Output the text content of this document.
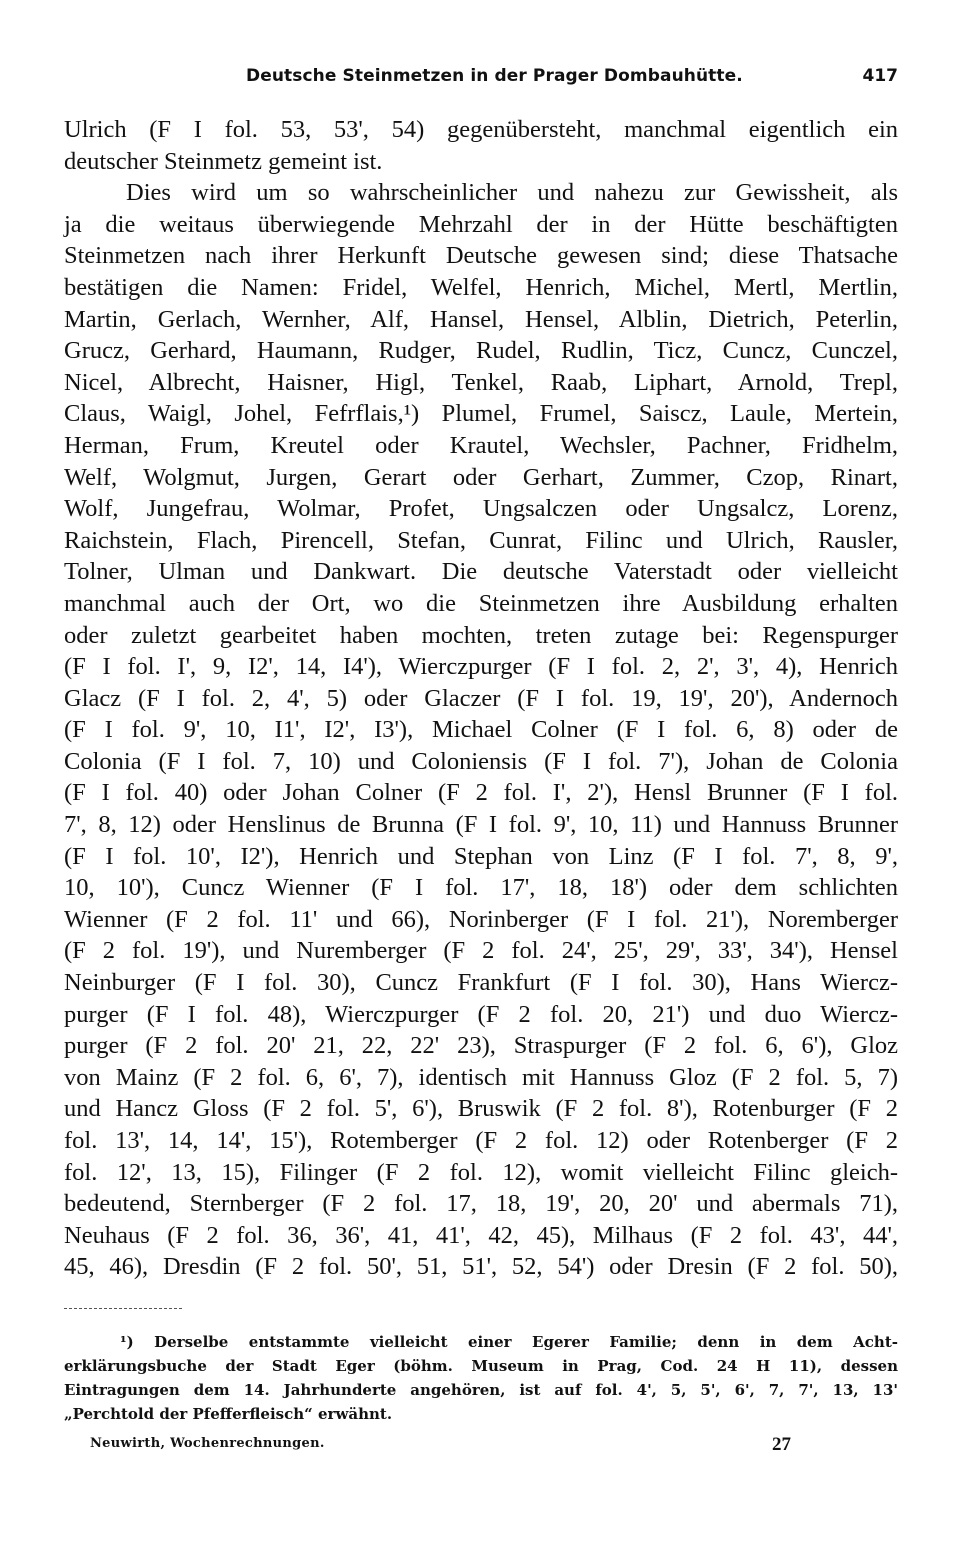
Deutsche Steinmetzen in der Prager Dombauhütte.	417
Ulrich (F I fol. 53, 53', 54) gegenübersteht, manchmal eigentlich ein
deutscher Steinmetz gemeint ist.
Dies wird um so wahrscheinlicher und nahezu zur Gewissheit, als
ja die weitaus überwiegende Mehrzahl der in der Hütte beschäftigten
Steinmetzen nach ihrer Herkunft Deutsche gewesen sind; diese Thatsache
bestätigen die Namen: Fridel, Welfel, Henrich, Michel, Mertl, Mertlin,
Martin, Gerlach, Wernher, Alf, Hansel, Hensel, Alblin, Dietrich, Peterlin,
Grucz, Gerhard, Haumann, Rudger, Rudel, Rudlin, Ticz, Cuncz, Cunczel,
Nicel, Albrecht, Haisner, Higl, Tenkel, Raab, Liphart, Arnold, Trepl,
Claus, Waigl, Johel, Fefrflais,¹) Plumel, Frumel, Saiscz, Laule, Mertein,
Herman, Frum, Kreutel oder Krautel, Wechsler, Pachner, Fridhelm,
Welf, Wolgmut, Jurgen, Gerart oder Gerhart, Zummer, Czop, Rinart,
Wolf, Jungefrau, Wolmar, Profet, Ungsalczen oder Ungsalcz, Lorenz,
Raichstein, Flach, Pirencell, Stefan, Cunrat, Filinc und Ulrich, Rausler,
Tolner, Ulman und Dankwart. Die deutsche Vaterstadt oder vielleicht
manchmal auch der Ort, wo die Steinmetzen ihre Ausbildung erhalten
oder zuletzt gearbeitet haben mochten, treten zutage bei: Regenspurger
(F I fol. I', 9, I2', 14, I4'), Wierczpurger (F I fol. 2, 2', 3', 4), Henrich
Glacz (F I fol. 2, 4', 5) oder Glaczer (F I fol. 19, 19', 20'), Andernoch
(F I fol. 9', 10, I1', I2', I3'), Michael Colner (F I fol. 6, 8) oder de
Colonia (F I fol. 7, 10) und Coloniensis (F I fol. 7'), Johan de Colonia
(F I fol. 40) oder Johan Colner (F 2 fol. I', 2'), Hensl Brunner (F I fol.
7', 8, 12) oder Henslinus de Brunna (F I fol. 9', 10, 11) und Hannuss Brunner
(F I fol. 10', I2'), Henrich und Stephan von Linz (F I fol. 7', 8, 9',
10, 10'), Cuncz Wienner (F I fol. 17', 18, 18') oder dem schlichten
Wienner (F 2 fol. 11' und 66), Norinberger (F I fol. 21'), Noremberger
(F 2 fol. 19'), und Nuremberger (F 2 fol. 24', 25', 29', 33', 34'), Hensel
Neinburger (F I fol. 30), Cuncz Frankfurt (F I fol. 30), Hans Wiercz-
purger (F I fol. 48), Wierczpurger (F 2 fol. 20, 21') und duo Wiercz-
purger (F 2 fol. 20' 21, 22, 22' 23), Straspurger (F 2 fol. 6, 6'), Gloz
von Mainz (F 2 fol. 6, 6', 7), identisch mit Hannuss Gloz (F 2 fol. 5, 7)
und Hancz Gloss (F 2 fol. 5', 6'), Bruswik (F 2 fol. 8'), Rotenburger (F 2
fol. 13', 14, 14', 15'), Rotemberger (F 2 fol. 12) oder Rotenberger (F 2
fol. 12', 13, 15), Filinger (F 2 fol. 12), womit vielleicht Filinc gleich-
bedeutend, Sternberger (F 2 fol. 17, 18, 19', 20, 20' und abermals 71),
Neuhaus (F 2 fol. 36, 36', 41, 41', 42, 45), Milhaus (F 2 fol. 43', 44',
45, 46), Dresdin (F 2 fol. 50', 51, 51', 52, 54') oder Dresin (F 2 fol. 50),
¹) Derselbe entstammte vielleicht einer Egerer Familie; denn in dem Acht-
erklärungsbuche der Stadt Eger (böhm. Museum in Prag, Cod. 24 H 11), dessen
Eintragungen dem 14. Jahrhunderte angehören, ist auf fol. 4', 5, 5', 6', 7, 7', 13, 13'
„Perchtold der Pfefferfleisch“ erwähnt.
Neuwirth, Wochenrechnungen.	27
